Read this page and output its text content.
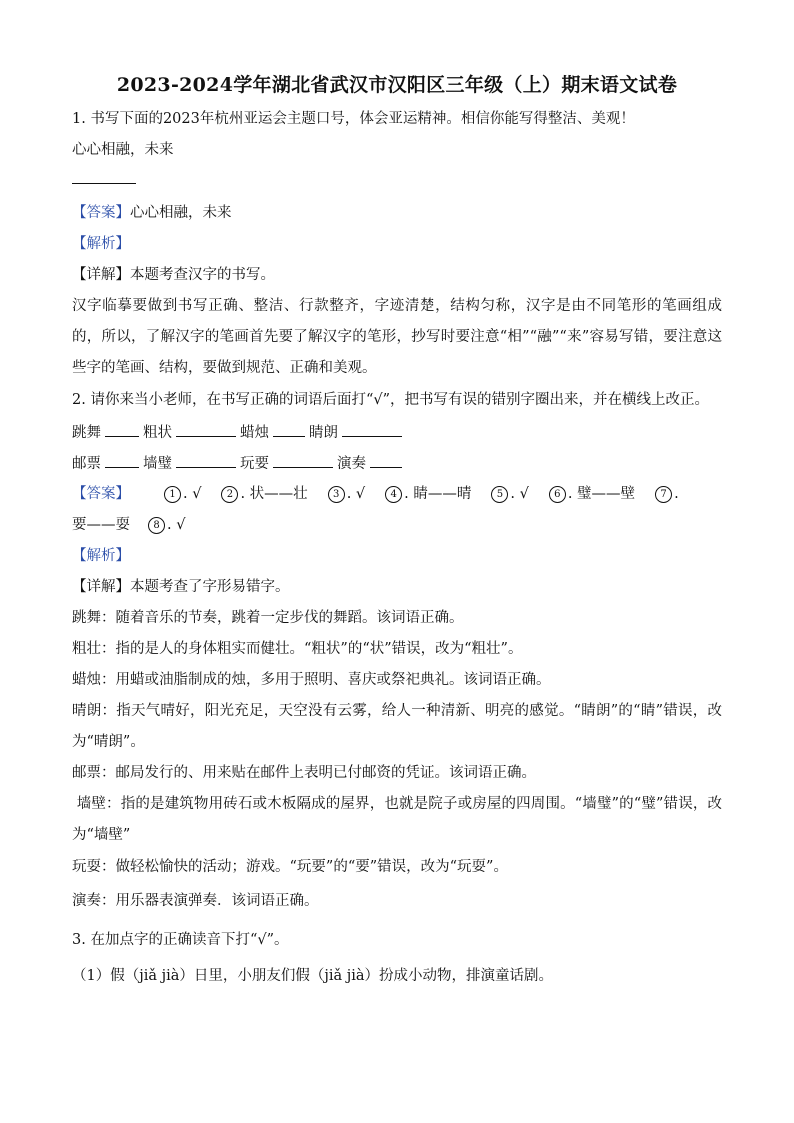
2023-2024学年湖北省武汉市汉阳区三年级（上）期末语文试卷
1. 书写下面的2023年杭州亚运会主题口号，体会亚运精神。相信你能写得整洁、美观！
心心相融，未来
【答案】心心相融，未来
【解析】
【详解】本题考查汉字的书写。
汉字临摹要做到书写正确、整洁、行款整齐，字迹清楚，结构匀称，汉字是由不同笔形的笔画组成的，所以，了解汉字的笔画首先要了解汉字的笔形，抄写时要注意“相”“融”“来”容易写错，要注意这些字的笔画、结构，要做到规范、正确和美观。
2. 请你来当小老师，在书写正确的词语后面打“√”，把书写有误的错别字圈出来，并在横线上改正。
跳舞	粗状	蜡烛	睛朗
邮票	墙璧	玩要	演奏
【答案】	1 . √	2 . 状——壮	3 . √	4 . 睛——晴	5 . √	6 . 璧——壁	7 .
要——耍 8 . √
【解析】
【详解】本题考查了字形易错字。
跳舞：随着音乐的节奏，跳着一定步伐的舞蹈。该词语正确。
粗壮：指的是人的身体粗实而健壮。“粗状”的“状”错误，改为“粗壮”。
蜡烛：用蜡或油脂制成的烛，多用于照明、喜庆或祭祀典礼。该词语正确。
晴朗：指天气晴好，阳光充足，天空没有云雾，给人一种清新、明亮的感觉。“睛朗”的“睛”错误，改为“晴朗”。
邮票：邮局发行的、用来贴在邮件上表明已付邮资的凭证。该词语正确。
墙壁：指的是建筑物用砖石或木板隔成的屋界，也就是院子或房屋的四周围。“墙璧”的“璧”错误，改为“墙壁”
玩耍：做轻松愉快的活动；游戏。“玩要”的“要”错误，改为“玩耍”。
演奏：用乐器表演弹奏．该词语正确。
3. 在加点字的正确读音下打“√”。
（1）假（jiǎ jià）日里，小朋友们假（jiǎ jià）扮成小动物，排演童话剧。
